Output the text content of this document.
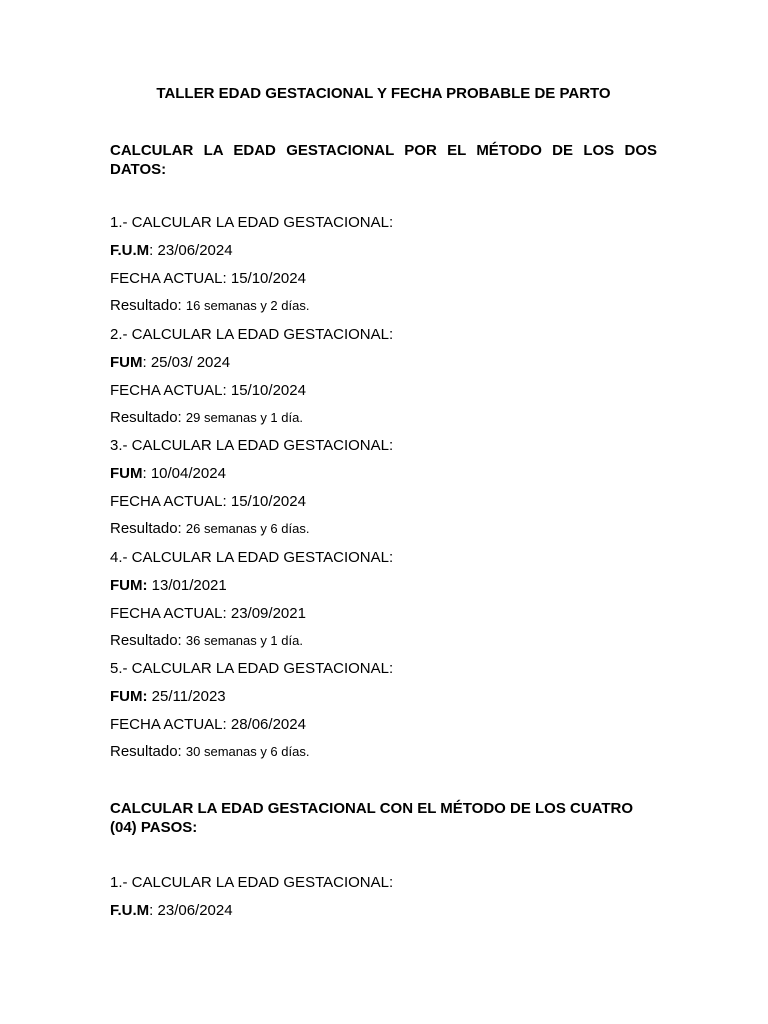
TALLER EDAD GESTACIONAL Y FECHA PROBABLE DE PARTO
CALCULAR LA EDAD GESTACIONAL POR EL MÉTODO DE LOS DOS DATOS:
1.- CALCULAR LA EDAD GESTACIONAL:
F.U.M: 23/06/2024
FECHA ACTUAL: 15/10/2024
Resultado: 16 semanas y 2 días.
2.- CALCULAR LA EDAD GESTACIONAL:
FUM: 25/03/ 2024
FECHA ACTUAL: 15/10/2024
Resultado: 29 semanas y 1 día.
3.- CALCULAR LA EDAD GESTACIONAL:
FUM: 10/04/2024
FECHA ACTUAL: 15/10/2024
Resultado: 26 semanas y 6 días.
4.- CALCULAR LA EDAD GESTACIONAL:
FUM: 13/01/2021
FECHA ACTUAL: 23/09/2021
Resultado: 36 semanas y 1 día.
5.- CALCULAR LA EDAD GESTACIONAL:
FUM: 25/11/2023
FECHA ACTUAL: 28/06/2024
Resultado: 30 semanas y 6 días.
CALCULAR LA EDAD GESTACIONAL CON EL MÉTODO DE LOS CUATRO
(04) PASOS:
1.- CALCULAR LA EDAD GESTACIONAL:
F.U.M: 23/06/2024
